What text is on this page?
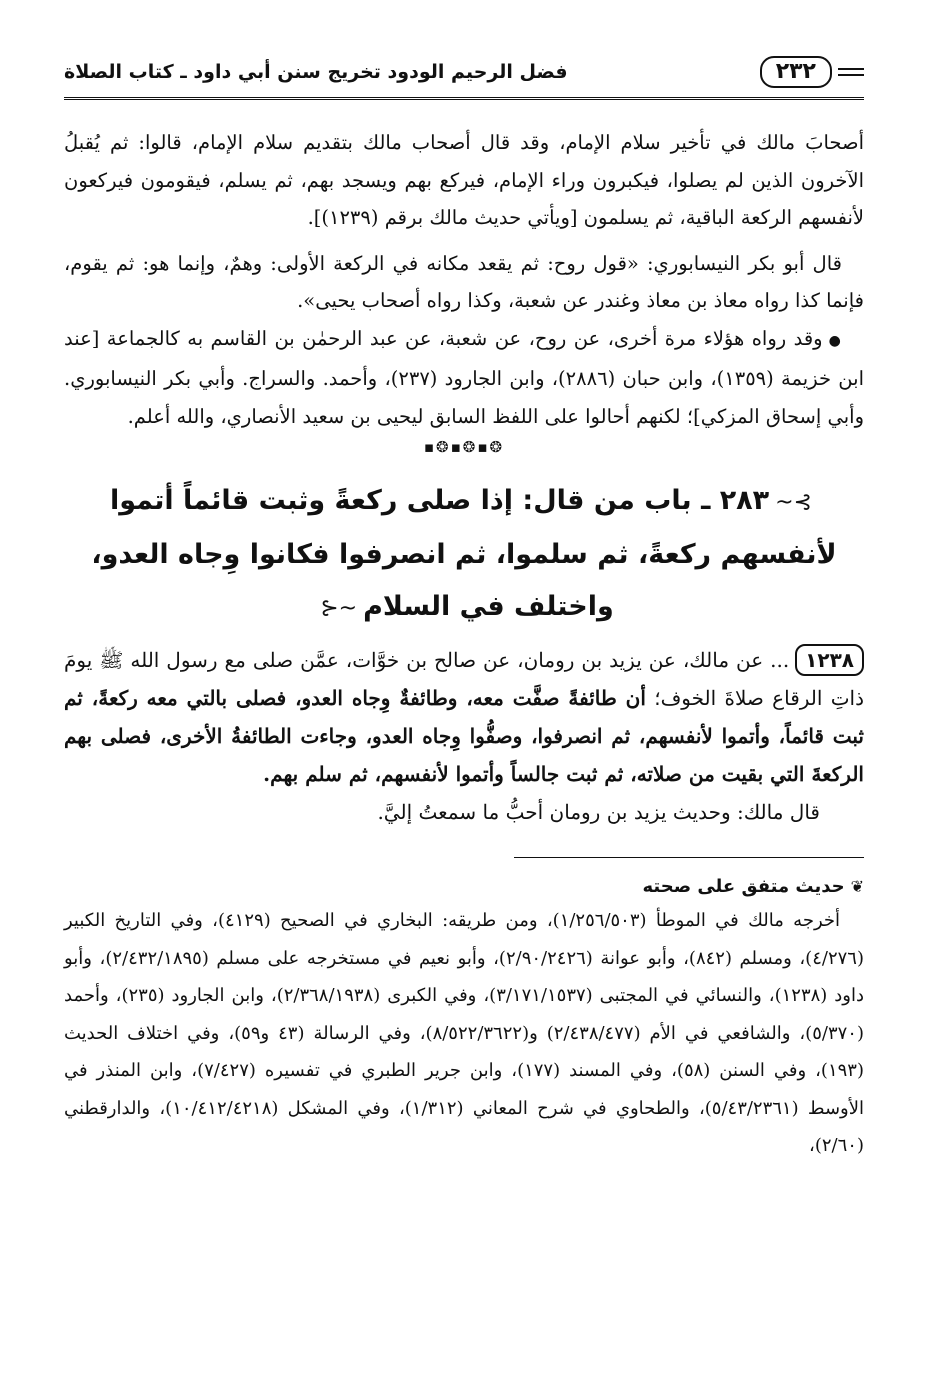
٢٣٢
فضل الرحيم الودود تخريج سنن أبي داود ـ كتاب الصلاة

أصحابَ مالك في تأخير سلام الإمام، وقد قال أصحاب مالك بتقديم سلام الإمام، قالوا: ثم يُقبلُ الآخرون الذين لم يصلوا، فيكبرون وراء الإمام، فيركع بهم ويسجد بهم، ثم يسلم، فيقومون فيركعون لأنفسهم الركعة الباقية، ثم يسلمون [ويأتي حديث مالك برقم (١٢٣٩)].

قال أبو بكر النيسابوري: «قول روح: ثم يقعد مكانه في الركعة الأولى: وهمٌ، وإنما هو: ثم يقوم، فإنما كذا رواه معاذ بن معاذ وغندر عن شعبة، وكذا رواه أصحاب يحيى».

●وقد رواه هؤلاء مرة أخرى، عن روح، عن شعبة، عن عبد الرحمٰن بن القاسم به كالجماعة [عند ابن خزيمة (١٣٥٩)، وابن حبان (٢٨٨٦)، وابن الجارود (٢٣٧)، وأحمد. والسراج. وأبي بكر النيسابوري. وأبي إسحاق المزكي]؛ لكنهم أحالوا على اللفظ السابق ليحيى بن سعيد الأنصاري، والله أعلم.

❂▪❂▪❂▪
⊱~٢٨٣ ـ باب من قال: إذا صلى ركعةً وثبت قائماً أتموا لأنفسهم ركعةً، ثم سلموا، ثم انصرفوا فكانوا وِجاه العدو، واختلف في السلام~⊰
١٢٣٨... عن مالك، عن يزيد بن رومان، عن صالح بن خوَّات، عمَّن صلى مع رسول الله ﷺ يومَ ذاتِ الرقاع صلاةَ الخوف؛ أن طائفةً صفَّت معه، وطائفةٌ وِجاه العدو، فصلى بالتي معه ركعةً، ثم ثبت قائماً، وأتموا لأنفسهم، ثم انصرفوا، وصفُّوا وِجاه العدو، وجاءت الطائفةُ الأخرى، فصلى بهم الركعةَ التي بقيت من صلاته، ثم ثبت جالساً وأتموا لأنفسهم، ثم سلم بهم.

قال مالك: وحديث يزيد بن رومان أحبُّ ما سمعتُ إليَّ.

❦حديث متفق على صحته

أخرجه مالك في الموطأ (١/٢٥٦/٥٠٣)، ومن طريقه: البخاري في الصحيح (٤١٢٩)، وفي التاريخ الكبير (٤/٢٧٦)، ومسلم (٨٤٢)، وأبو عوانة (٢/٩٠/٢٤٢٦)، وأبو نعيم في مستخرجه على مسلم (٢/٤٣٢/١٨٩٥)، وأبو داود (١٢٣٨)، والنسائي في المجتبى (٣/١٧١/١٥٣٧)، وفي الكبرى (٢/٣٦٨/١٩٣٨)، وابن الجارود (٢٣٥)، وأحمد (٥/٣٧٠)، والشافعي في الأم (٢/٤٣٨/٤٧٧) و(٨/٥٢٢/٣٦٢٢)، وفي الرسالة (٤٣ و٥٩)، وفي اختلاف الحديث (١٩٣)، وفي السنن (٥٨)، وفي المسند (١٧٧)، وابن جرير الطبري في تفسيره (٧/٤٢٧)، وابن المنذر في الأوسط (٥/٤٣/٢٣٦١)، والطحاوي في شرح المعاني (١/٣١٢)، وفي المشكل (١٠/٤١٢/٤٢١٨)، والدارقطني (٢/٦٠)،
